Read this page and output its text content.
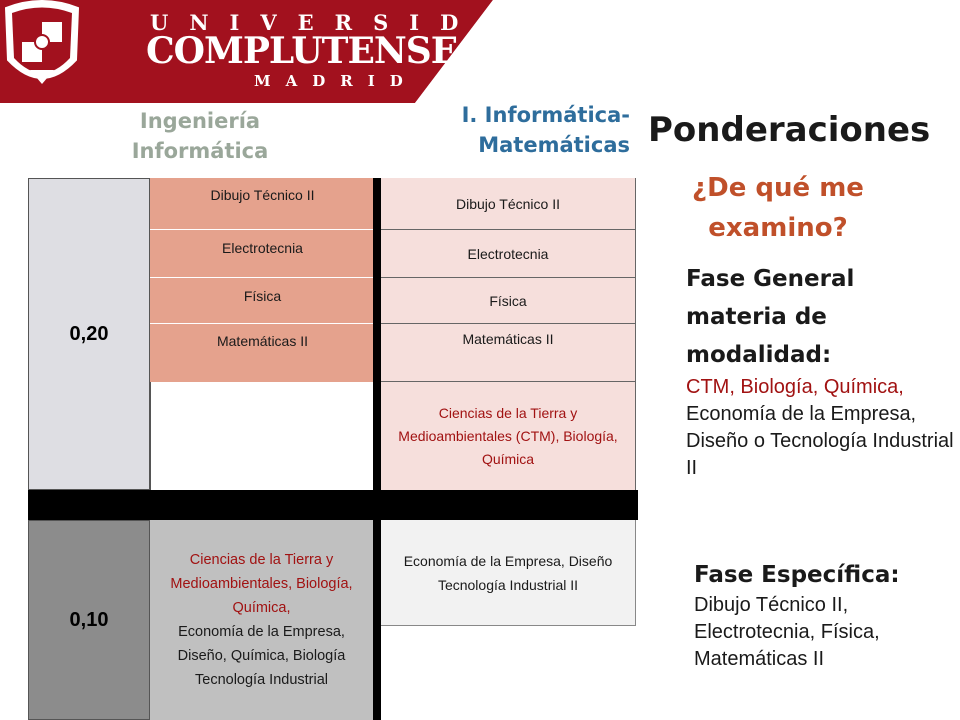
UNIVERSIDAD
COMPLUTENSE
MADRID
Ingeniería
Informática
I. Informática-
Matemáticas
0,20
Dibujo Técnico II
Electrotecnia
Física
Matemáticas II
Dibujo Técnico II
Electrotecnia
Física
Matemáticas II
Ciencias de la Tierra y Medioambientales (CTM), Biología, Química
0,10
Ciencias de la Tierra y Medioambientales, Biología, Química,
Economía de la Empresa, Diseño, Química, Biología Tecnología Industrial
Economía de la Empresa, Diseño Tecnología Industrial II
Ponderaciones
¿De qué me examino?
Fase General materia de modalidad:
CTM, Biología, Química, Economía de la Empresa, Diseño o Tecnología Industrial II
Fase Específica:
Dibujo Técnico II, Electrotecnia, Física, Matemáticas II
